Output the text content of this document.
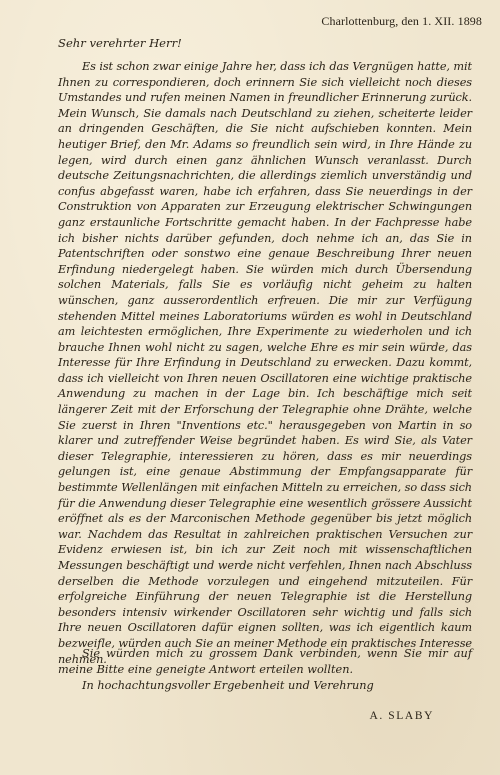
Charlottenburg, den 1. XII. 1898
Sehr verehrter Herr!

Es ist schon zwar einige Jahre her, dass ich das Vergnügen hatte, mit Ihnen zu correspondieren, doch erinnern Sie sich vielleicht noch dieses Umstandes und rufen meinen Namen in freundlicher Erinnerung zurück. Mein Wunsch, Sie damals nach Deutschland zu ziehen, scheiterte leider an dringenden Geschäften, die Sie nicht aufschieben konnten. Mein heutiger Brief, den Mr. Adams so freundlich sein wird, in Ihre Hände zu legen, wird durch einen ganz ähnlichen Wunsch veranlasst. Durch deutsche Zeitungsnachrichten, die allerdings ziemlich unverständig und confus abgefasst waren, habe ich erfahren, dass Sie neuerdings in der Construktion von Apparaten zur Erzeugung elektrischer Schwingungen ganz erstaunliche Fortschritte gemacht haben. In der Fachpresse habe ich bisher nichts darüber gefunden, doch nehme ich an, das Sie in Patentschriften oder sonstwo eine genaue Beschreibung Ihrer neuen Erfindung niedergelegt haben. Sie würden mich durch Übersendung solchen Materials, falls Sie es vorläufig nicht geheim zu halten wünschen, ganz ausserordentlich erfreuen. Die mir zur Verfügung stehenden Mittel meines Laboratoriums würden es wohl in Deutschland am leichtesten ermöglichen, Ihre Experimente zu wiederholen und ich brauche Ihnen wohl nicht zu sagen, welche Ehre es mir sein würde, das Interesse für Ihre Erfindung in Deutschland zu erwecken. Dazu kommt, dass ich vielleicht von Ihren neuen Oscillatoren eine wichtige praktische Anwendung zu machen in der Lage bin. Ich beschäftige mich seit längerer Zeit mit der Erforschung der Telegraphie ohne Drähte, welche Sie zuerst in Ihren "Inventions etc." herausgegeben von Martin in so klarer und zutreffender Weise begründet haben. Es wird Sie, als Vater dieser Telegraphie, interessieren zu hören, dass es mir neuerdings gelungen ist, eine genaue Abstimmung der Empfangsapparate für bestimmte Wellenlängen mit einfachen Mitteln zu erreichen, so dass sich für die Anwendung dieser Telegraphie eine wesentlich grössere Aussicht eröffnet als es der Marconischen Methode gegenüber bis jetzt möglich war. Nachdem das Resultat in zahlreichen praktischen Versuchen zur Evidenz erwiesen ist, bin ich zur Zeit noch mit wissenschaftlichen Messungen beschäftigt und werde nicht verfehlen, Ihnen nach Abschluss derselben die Methode vorzulegen und eingehend mitzuteilen. Für erfolgreiche Einführung der neuen Telegraphie ist die Herstellung besonders intensiv wirkender Oscillatoren sehr wichtig und falls sich Ihre neuen Oscillatoren dafür eignen sollten, was ich eigentlich kaum bezweifle, würden auch Sie an meiner Methode ein praktisches Interesse nehmen.

Sie würden mich zu grossem Dank verbinden, wenn Sie mir auf meine Bitte eine geneigte Antwort erteilen wollten.
In hochachtungsvoller Ergebenheit und Verehrung
A. SLABY
